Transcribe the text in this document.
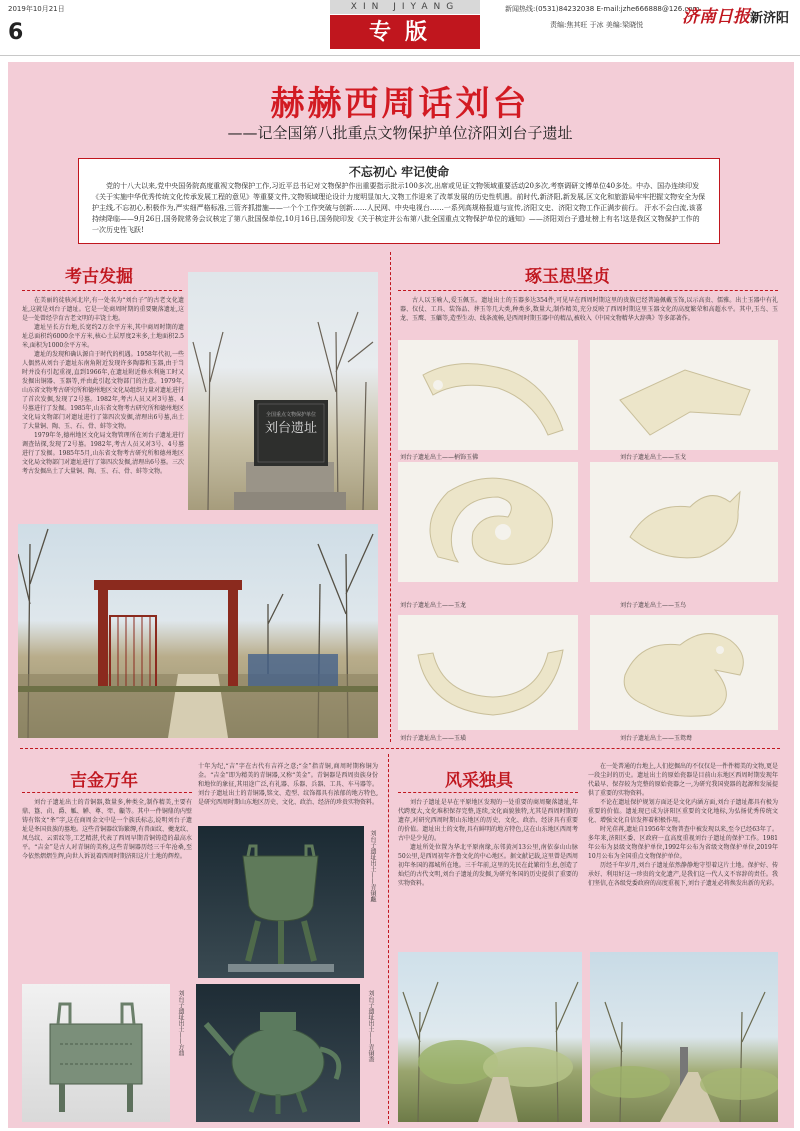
2019年10月21日
6
XIN JIYANG
专版
新闻热线:(0531)84232038 E-mail:jzhe666888@126.com
责编:焦其旺 于冰 美编:梁晓悦 济南日报新济阳
赫赫西周话刘台
——记全国第八批重点文物保护单位济阳刘台子遗址
不忘初心 牢记使命
党的十八大以来,党中央国务院高度重视文物保护工作,习近平总书记对文物保护作出重要指示批示100多次,出席或见证文物领域重要活动20多次,考察调研文博单位40多处。中办、国办连续印发《关于实施中华优秀传统文化传承发展工程的意见》等重要文件,文物领域理论设计力度明显加大,文物工作迎来了改革发展的历史性机遇。前时代,新济阳,新发展,区文化和旅游局牢牢把握文物安全为保护主线,不忘初心,积极作为,严实细严格标准,三管齐抓措施——一个个工作突破与创新……人民网、中央电视台……一系列高规格报道与宣传,济阳文史、济阳文物工作正满步前行。 汗水不会白流,该喜持续降临——9月26日,国务院常务会议核定了第八批国保单位,10月16日,国务院印发《关于核定并公布第八批全国重点文物保护单位的通知》——济阳刘台子遗址榜上有名!这是我区文物保护工作的一次历史性飞跃!
考古发掘

在美丽的徒骇河北岸,有一处名为“刘台子”的古老文化遗址,这就是刘台子遗址。它是一处商周时期的重要聚落遗址,这是一处曾经孕育古老文明的丰饶土地。

遗址呈长方台地,长宽约2万余平方米,其中商周时期的遗址总面积约6000余平方米,核心土层厚度2米多,土地面积2.5米,面积为1000余平方米。

遗址的发现和确认源自于时代的机遇。1958年代初,一些人偶然从刘台子遗址东南角附近发现许多陶器和玉器,由于当时并没有引起重视,直到1966年,在遗址附近修水利施工时又发掘出铜器、玉器等,并由此引起文物部门的注意。1979年,山东省文物考古研究所和德州地区文化局组织力量对遗址进行了首次发掘,发现了2号墓。1982年,考古人员又对3号墓、4号墓进行了发掘。1985年,山东省文物考古研究所和德州地区文化局文物部门对遗址进行了第四次发掘,清理出6号墓,出土了大量铜、陶、玉、石、骨、蚌等文物。

1979年冬,德州地区文化局文物管理所在刘台子遗址进行调查钻探,发现了2号墓。1982年,考古人员又对3号、4号墓进行了发掘。1985年5月,山东省文物考古研究所和德州地区文化局文物部门对遗址进行了第四次发掘,清理出6号墓。三次考古发掘出土了大量铜、陶、玉、石、骨、蚌等文物。

刘台遗址
全国重点文物保护单位
琢玉思坚贞
古人以玉喻人,爱玉佩玉。遗址出土的玉器多达354件,可见早在西周时期这里的贵族已经普遍佩戴玉饰,以示高贵、儒雅。出土玉器中有礼器、仪仗、工具、装饰品、葬玉等几大类,种类多,数量大,制作精美,充分反映了西周时期这里玉器文化的高度繁荣和高超水平。其中,玉鸟、玉龙、玉鹰、玉觿等,造型生动、线条流畅,是西周时期玉器中的精品,被收入《中国文物精华大辞典》等多部著作。
刘台子遗址出土——柄饰玉佛	刘台子遗址出土——玉戈
刘台子遗址出土——玉龙	刘台子遗址出土——玉鸟
刘台子遗址出土——玉璜	刘台子遗址出土——玉鸳鸯
吉金万年
刘台子遗址出土的青铜器,数量多,种类全,制作精美,主要有鼎、簋、卣、爵、觚、觯、尊、斝、甗等。其中一件铜鼎的内壁铸有铭文“夆”字,这在商周金文中是一个族氏标志,说明刘台子遗址是夆国贵族的墓地。这些青铜器纹饰繁缛,有兽面纹、夔龙纹、凤鸟纹、云雷纹等,工艺精湛,代表了西周早期青铜铸造的最高水平。“吉金”是古人对青铜的美称,这些青铜器历经三千年沧桑,至今依然熠熠生辉,向世人诉说着西周时期济阳这片土地的辉煌。
十年为纪,“吉”字在古代有吉祥之意;“金”指青铜,商周时期称铜为金。“吉金”即为精美的青铜器,又称“美金”。青铜器是西周贵族身份和地位的象征,其用途广泛,有礼器、乐器、兵器、工具、车马器等。刘台子遗址出土的青铜器,铭文、造型、纹饰都具有浓郁的地方特色,是研究西周时期山东地区历史、文化、政治、经济的珍贵实物资料。
刘台子遗址出土——青铜甗
刘台子遗址出土——方鼎	刘台子遗址出土——青铜盉
风采独具

刘台子遗址是早在平原地区发现的一处重要的商周聚落遗址,年代跨度大,文化堆积保存完整,连续,文化面貌独特,尤其是西周时期的遗存,对研究西周时期山东地区的历史、文化、政治、经济具有重要的价值。遗址出土的文物,具有鲜明的地方特色,这在山东地区西周考古中是少见的。

遗址所处位置为华北平原南缘,东邻黄河13公里,南依泰山山脉50公里,是西周初年齐鲁文化的中心地区。据文献记载,这里曾是西周初年夆国的都城所在地。三千年前,这里的先民在此繁衍生息,创造了灿烂的古代文明,刘台子遗址的发掘,为研究夆国的历史提供了重要的实物资料。

在一处普通的台地上,人们挖掘出的不仅仅是一件件精美的文物,更是一段尘封的历史。遗址出土的原始瓷器是目前山东地区西周时期发现年代最早、保存较为完整的原始瓷器之一,为研究我国瓷器的起源和发展提供了重要的实物资料。

不论在遗址保护规划方面还是文化内涵方面,刘台子遗址都具有极为重要的价值。遗址现已成为济阳区重要的文化地标,为弘扬优秀传统文化、增强文化自信发挥着积极作用。

时光荏苒,遗址自1956年文物普查中被发现以来,至今已经63年了。多年来,济阳区委、区政府一直高度重视刘台子遗址的保护工作。1981年公布为县级文物保护单位,1992年公布为省级文物保护单位,2019年10月公布为全国重点文物保护单位。

历经千年岁月,刘台子遗址依然静静地守望着这片土地。保护好、传承好、利用好这一珍贵的文化遗产,是我们这一代人义不容辞的责任。我们坚信,在各级党委政府的高度重视下,刘台子遗址必将焕发出新的光彩。
